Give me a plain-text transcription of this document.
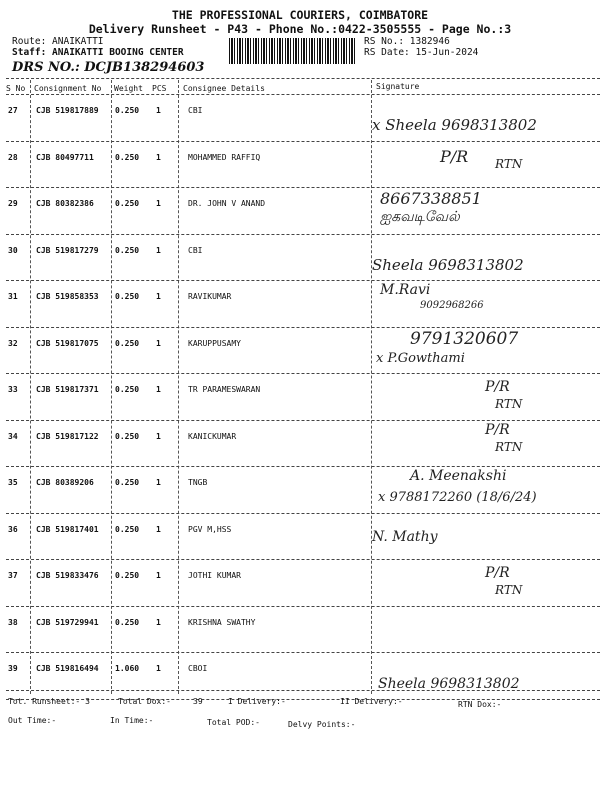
THE PROFESSIONAL COURIERS, COIMBATORE
Delivery Runsheet - P43 - Phone No.:0422-3505555 - Page No.:3
Route: ANAIKATTI
Staff: ANAIKATTI BOOING CENTER
RS No.: 1382946
RS Date: 15-Jun-2024
DRS NO.: DCJB138294603
S No Consignment No Weight PCS Consignee Details	Signature
27 CJB 519817889 0.250 1	CBI
x Sheela 9698313802
28 CJB 80497711	0.250 1	MOHAMMED RAFFIQ	P/R RTN
29 CJB 80382386	0.250 1	DR. JOHN V ANAND	8667338851
ஐகவடிவேல்
30 CJB 519817279 0.250 1	CBI
Sheela 9698313802
31 CJB 519858353 0.250 1	RAVIKUMAR	M.Ravi
9092968266
32 CJB 519817075 0.250 1	KARUPPUSAMY	9791320607
x P.Gowthami
33 CJB 519817371 0.250 1	TR PARAMESWARAN	P/R
RTN
34 CJB 519817122 0.250 1	KANICKUMAR	P/R
RTN
35 CJB 80389206	0.250 1	TNGB	A. Meenakshi
x 9788172260 (18/6/24)
36 CJB 519817401 0.250 1	PGV M,HSS	N. Mathy
37 CJB 519833476 0.250 1	JOTHI KUMAR	P/R
RTN
38 CJB 519729941 0.250 1	KRISHNA SWATHY
39 CJB 519816494 1.060 1	CBOI
Sheela 9698313802
Tot. Runsheet:- 3	Total Dox:-	39	I Delivery:-	II Delivery:-	RTN Dox:-
Out Time:-	In Time:-	Total POD:-	Delvy Points:-
